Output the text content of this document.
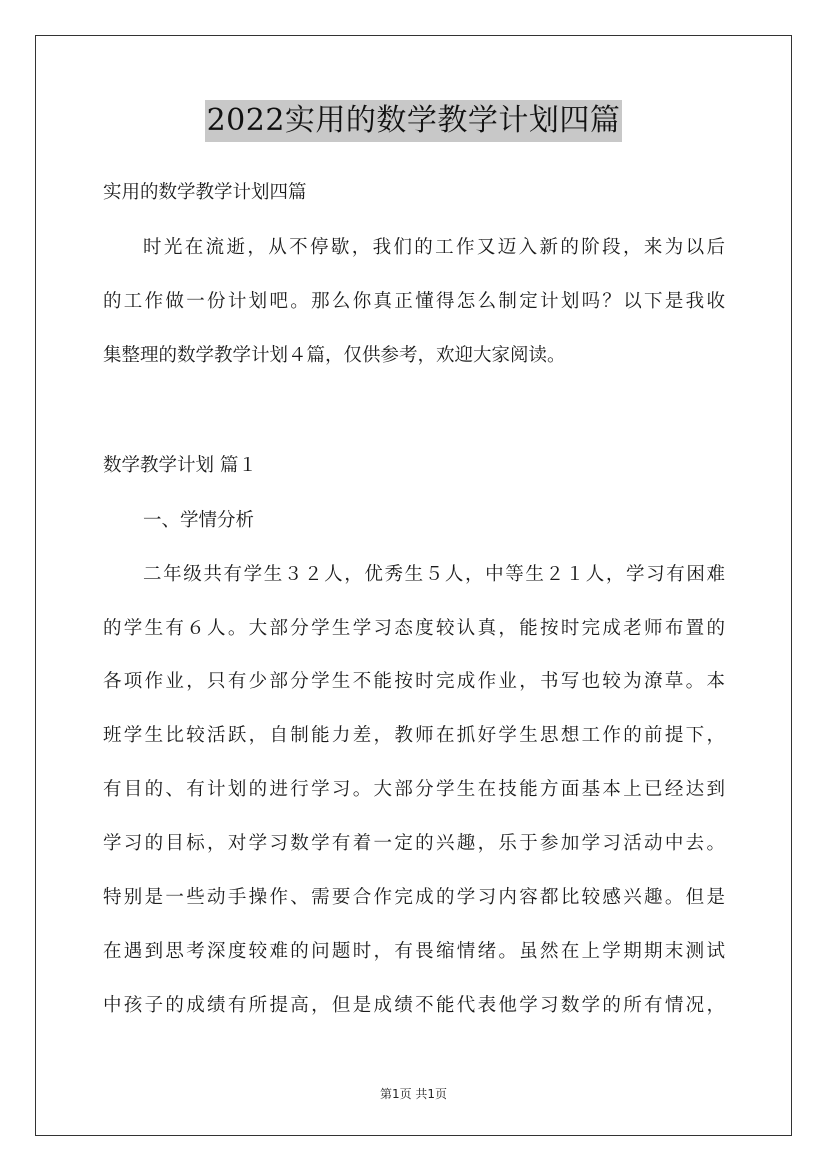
2022实用的数学教学计划四篇
实用的数学教学计划四篇
时光在流逝，从不停歇，我们的工作又迈入新的阶段，来为以后
的工作做一份计划吧。那么你真正懂得怎么制定计划吗？以下是我收
集整理的数学教学计划４篇，仅供参考，欢迎大家阅读。
数学教学计划 篇１
一、学情分析
二年级共有学生３２人，优秀生５人，中等生２１人，学习有困难
的学生有６人。大部分学生学习态度较认真，能按时完成老师布置的
各项作业，只有少部分学生不能按时完成作业，书写也较为潦草。本
班学生比较活跃，自制能力差，教师在抓好学生思想工作的前提下，
有目的、有计划的进行学习。大部分学生在技能方面基本上已经达到
学习的目标，对学习数学有着一定的兴趣，乐于参加学习活动中去。
特别是一些动手操作、需要合作完成的学习内容都比较感兴趣。但是
在遇到思考深度较难的问题时，有畏缩情绪。虽然在上学期期末测试
中孩子的成绩有所提高，但是成绩不能代表他学习数学的所有情况，
第1页 共1页
